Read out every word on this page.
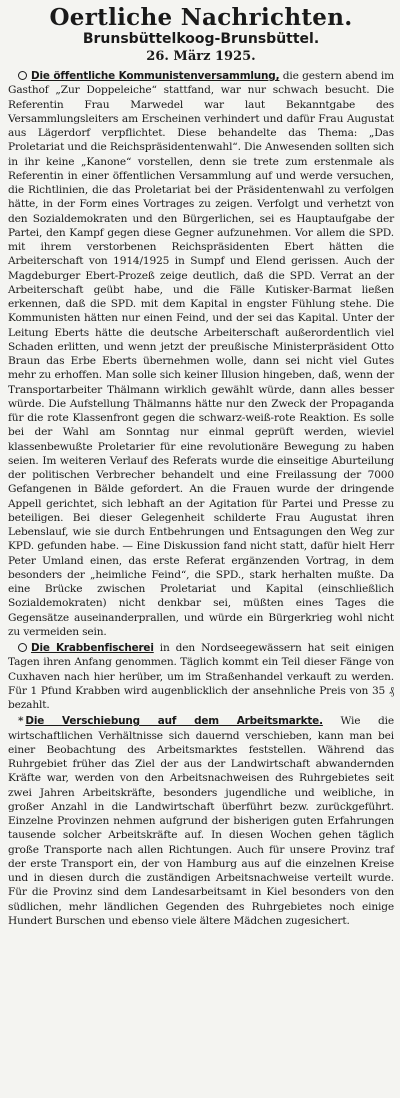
Oertliche Nachrichten.
Brunsbüttelkoog-Brunsbüttel.
26. März 1925.

Die öffentliche Kommunistenversammlung, die gestern abend im Gasthof „Zur Doppeleiche“ stattfand, war nur schwach besucht. Die Referentin Frau Marwedel war laut Bekanntgabe des Versammlungsleiters am Erscheinen verhindert und dafür Frau Augustat aus Lägerdorf verpflichtet. Diese behandelte das Thema: „Das Proletariat und die Reichspräsidentenwahl“. Die Anwesenden sollten sich in ihr keine „Kanone“ vorstellen, denn sie trete zum erstenmale als Referentin in einer öffentlichen Versammlung auf und werde versuchen, die Richtlinien, die das Proletariat bei der Präsidentenwahl zu verfolgen hätte, in der Form eines Vortrages zu zeigen. Verfolgt und verhetzt von den Sozialdemokraten und den Bürgerlichen, sei es Hauptaufgabe der Partei, den Kampf gegen diese Gegner aufzunehmen. Vor allem die SPD. mit ihrem verstorbenen Reichspräsidenten Ebert hätten die Arbeiterschaft von 1914/1925 in Sumpf und Elend gerissen. Auch der Magdeburger Ebert-Prozeß zeige deutlich, daß die SPD. Verrat an der Arbeiterschaft geübt habe, und die Fälle Kutisker-Barmat ließen erkennen, daß die SPD. mit dem Kapital in engster Fühlung stehe. Die Kommunisten hätten nur einen Feind, und der sei das Kapital. Unter der Leitung Eberts hätte die deutsche Arbeiterschaft außerordentlich viel Schaden erlitten, und wenn jetzt der preußische Ministerpräsident Otto Braun das Erbe Eberts übernehmen wolle, dann sei nicht viel Gutes mehr zu erhoffen. Man solle sich keiner Illusion hingeben, daß, wenn der Transportarbeiter Thälmann wirklich gewählt würde, dann alles besser würde. Die Aufstellung Thälmanns hätte nur den Zweck der Propaganda für die rote Klassenfront gegen die schwarz-weiß-rote Reaktion. Es solle bei der Wahl am Sonntag nur einmal geprüft werden, wieviel klassenbewußte Proletarier für eine revolutionäre Bewegung zu haben seien. Im weiteren Verlauf des Referats wurde die einseitige Aburteilung der politischen Verbrecher behandelt und eine Freilassung der 7000 Gefangenen in Bälde gefordert. An die Frauen wurde der dringende Appell gerichtet, sich lebhaft an der Agitation für Partei und Presse zu beteiligen. Bei dieser Gelegenheit schilderte Frau Augustat ihren Lebenslauf, wie sie durch Entbehrungen und Entsagungen den Weg zur KPD. gefunden habe. — Eine Diskussion fand nicht statt, dafür hielt Herr Peter Umland einen, das erste Referat ergänzenden Vortrag, in dem besonders der „heimliche Feind“, die SPD., stark herhalten mußte. Da eine Brücke zwischen Proletariat und Kapital (einschließlich Sozialdemokraten) nicht denkbar sei, müßten eines Tages die Gegensätze auseinanderprallen, und würde ein Bürgerkrieg wohl nicht zu vermeiden sein.

Die Krabbenfischerei in den Nordseegewässern hat seit einigen Tagen ihren Anfang genommen. Täglich kommt ein Teil dieser Fänge von Cuxhaven nach hier herüber, um im Straßenhandel verkauft zu werden. Für 1 Pfund Krabben wird augenblicklich der ansehnliche Preis von 35 ₰ bezahlt.

* Die Verschiebung auf dem Arbeitsmarkte. Wie die wirtschaftlichen Verhältnisse sich dauernd verschieben, kann man bei einer Beobachtung des Arbeitsmarktes feststellen. Während das Ruhrgebiet früher das Ziel der aus der Landwirtschaft abwandernden Kräfte war, werden von den Arbeitsnachweisen des Ruhrgebietes seit zwei Jahren Arbeitskräfte, besonders jugendliche und weibliche, in großer Anzahl in die Landwirtschaft überführt bezw. zurückgeführt. Einzelne Provinzen nehmen aufgrund der bisherigen guten Erfahrungen tausende solcher Arbeitskräfte auf. In diesen Wochen gehen täglich große Transporte nach allen Richtungen. Auch für unsere Provinz traf der erste Transport ein, der von Hamburg aus auf die einzelnen Kreise und in diesen durch die zuständigen Arbeitsnachweise verteilt wurde. Für die Provinz sind dem Landesarbeitsamt in Kiel besonders von den südlichen, mehr ländlichen Gegenden des Ruhrgebietes noch einige Hundert Burschen und ebenso viele ältere Mädchen zugesichert.
